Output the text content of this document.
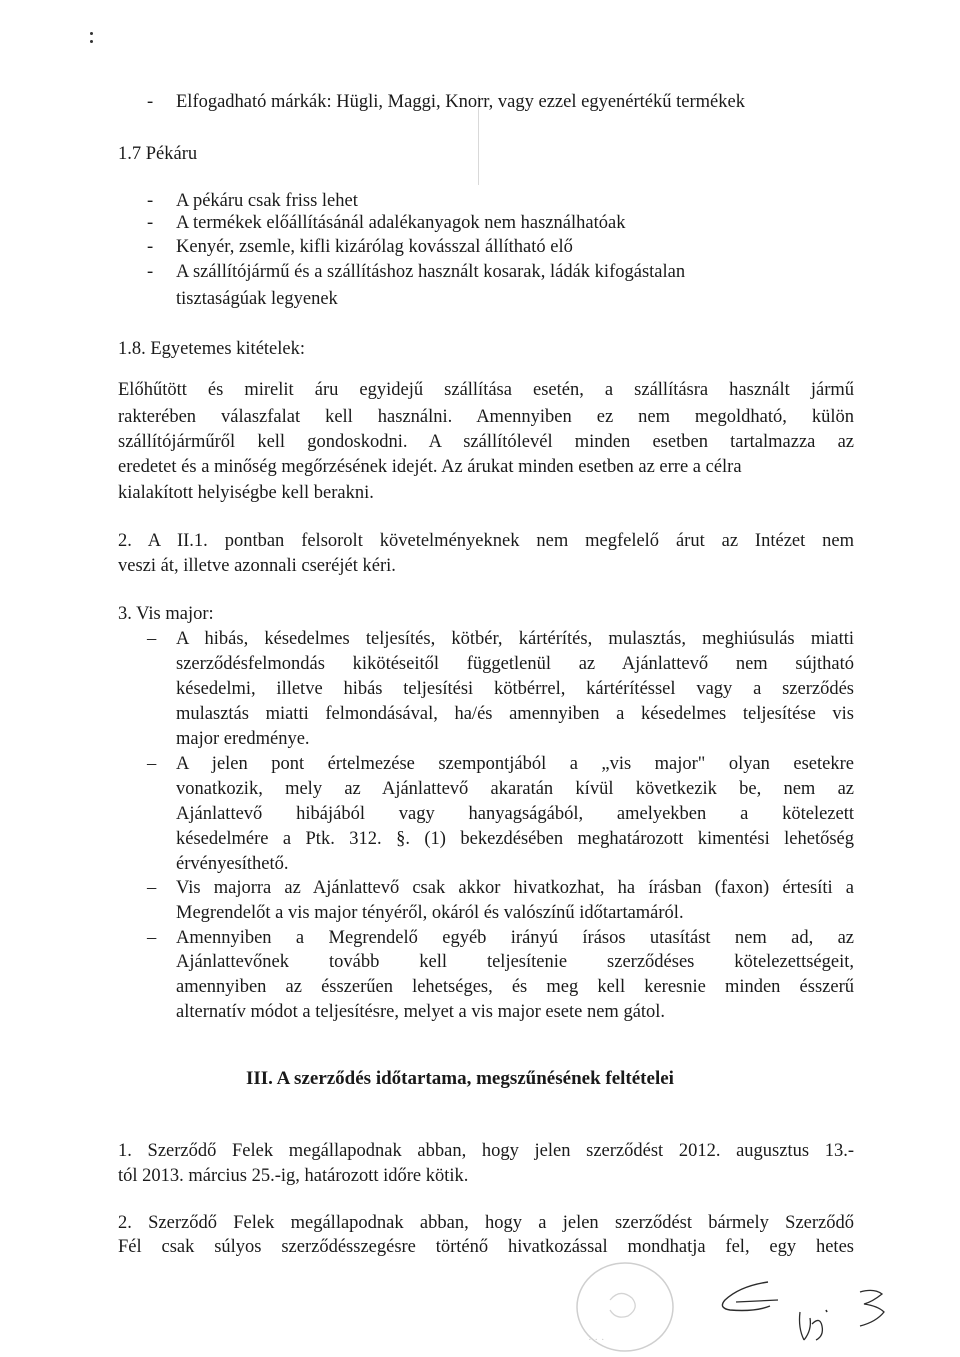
- Elfogadható márkák: Hügli, Maggi, Knorr, vagy ezzel egyenértékű termékek
1.7 Pékáru
- A pékáru csak friss lehet
- A termékek előállításánál adalékanyagok nem használhatóak
- Kenyér, zsemle, kifli kizárólag kovásszal állítható elő
- A szállítójármű és a szállításhoz használt kosarak, ládák kifogástalan
tisztaságúak legyenek
1.8. Egyetemes kitételek:
Előhűtött és mirelit áru egyidejű szállítása esetén, a szállításra használt jármű
rakterében válaszfalat kell használni. Amennyiben ez nem megoldható, külön
szállítójárműről kell gondoskodni. A szállítólevél minden esetben tartalmazza az
eredetet és a minőség megőrzésének idejét. Az árukat minden esetben az erre a célra
kialakított helyiségbe kell berakni.
2. A II.1. pontban felsorolt követelményeknek nem megfelelő árut az Intézet nem
veszi át, illetve azonnali cseréjét kéri.
3. Vis major:
– A hibás, késedelmes teljesítés, kötbér, kártérítés, mulasztás, meghiúsulás miatti
szerződésfelmondás kikötéseitől függetlenül az Ajánlattevő nem sújtható
késedelmi, illetve hibás teljesítési kötbérrel, kártérítéssel vagy a szerződés
mulasztás miatti felmondásával, ha/és amennyiben a késedelmes teljesítése vis
major eredménye.
– A jelen pont értelmezése szempontjából a „vis major" olyan esetekre
vonatkozik, mely az Ajánlattevő akaratán kívül következik be, nem az
Ajánlattevő hibájából vagy hanyagságából, amelyekben a kötelezett
késedelmére a Ptk. 312. §. (1) bekezdésében meghatározott kimentési lehetőség
érvényesíthető.
– Vis majorra az Ajánlattevő csak akkor hivatkozhat, ha írásban (faxon) értesíti a
Megrendelőt a vis major tényéről, okáról és valószínű időtartamáról.
– Amennyiben a Megrendelő egyéb irányú írásos utasítást nem ad, az
Ajánlattevőnek tovább kell teljesítenie szerződéses kötelezettségeit,
amennyiben az ésszerűen lehetséges, és meg kell keresnie minden ésszerű
alternatív módot a teljesítésre, melyet a vis major esete nem gátol.
III. A szerződés időtartama, megszűnésének feltételei
1. Szerződő Felek megállapodnak abban, hogy jelen szerződést 2012. augusztus 13.-
tól 2013. március 25.-ig, határozott időre kötik.
2. Szerződő Felek megállapodnak abban, hogy a jelen szerződést bármely Szerződő
Fél csak súlyos szerződésszegésre történő hivatkozással mondhatja fel, egy hetes
· · ·
